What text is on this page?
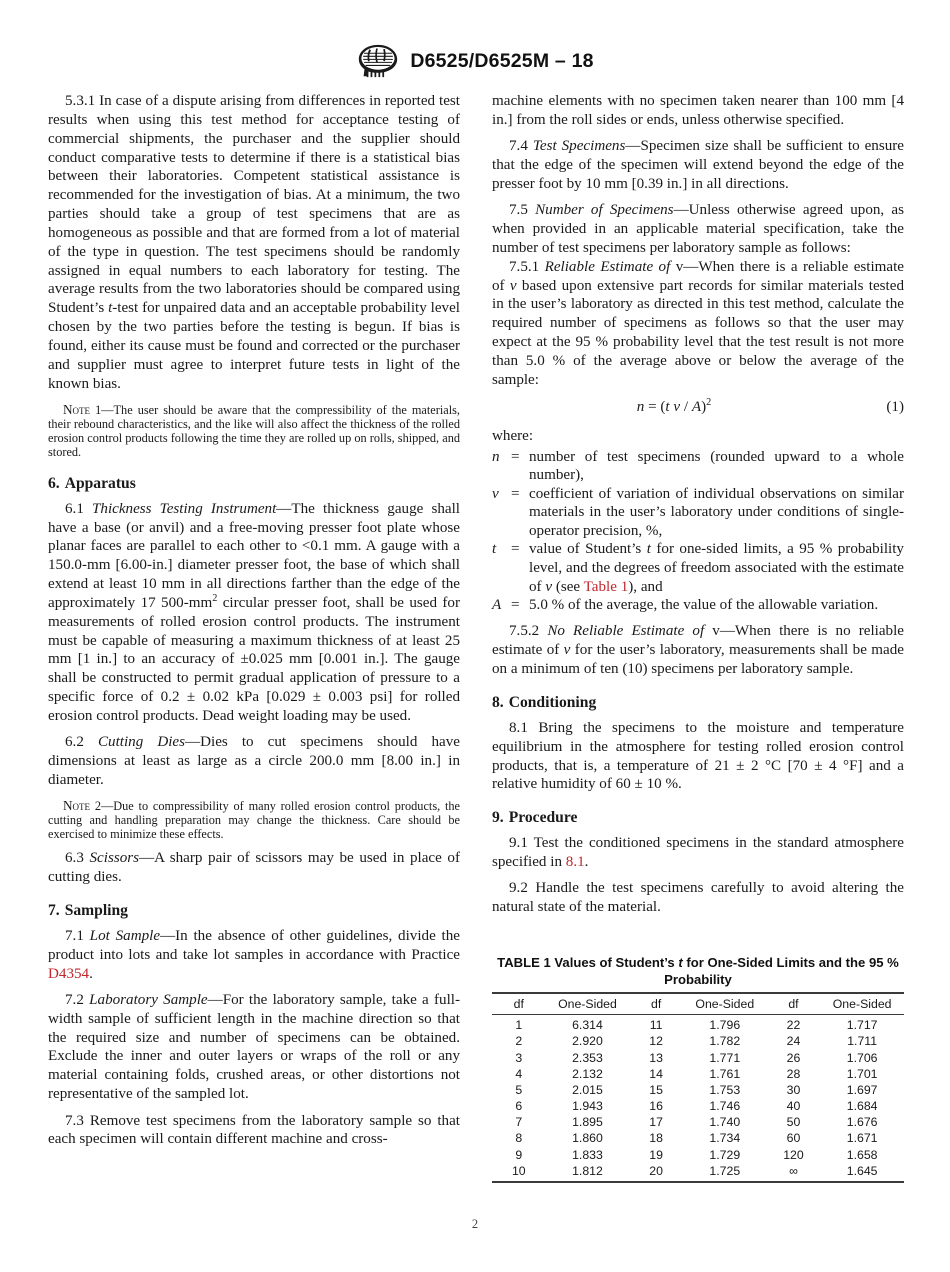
D6525/D6525M – 18

5.3.1 In case of a dispute arising from differences in reported test results when using this test method for acceptance testing of commercial shipments, the purchaser and the supplier should conduct comparative tests to determine if there is a statistical bias between their laboratories. Competent statistical assistance is recommended for the investigation of bias. At a minimum, the two parties should take a group of test specimens that are as homogeneous as possible and that are formed from a lot of material of the type in question. The test specimens should be randomly assigned in equal numbers to each laboratory for testing. The average results from the two laboratories should be compared using Student’s t-test for unpaired data and an acceptable probability level chosen by the two parties before the testing is begun. If bias is found, either its cause must be found and corrected or the purchaser and supplier must agree to interpret future tests in light of the known bias.

Note 1—The user should be aware that the compressibility of the materials, their rebound characteristics, and the like will also affect the thickness of the rolled erosion control products following the time they are rolled up on rolls, shipped, and stored.

6. Apparatus

6.1 Thickness Testing Instrument—The thickness gauge shall have a base (or anvil) and a free-moving presser foot plate whose planar faces are parallel to each other to <0.1 mm. A gauge with a 150.0-mm [6.00-in.] diameter presser foot, the base of which shall extend at least 10 mm in all directions farther than the edge of the approximately 17 $500-mm^2$ circular presser foot, shall be used for measurements of rolled erosion control products. The instrument must be capable of measuring a maximum thickness of at least 25 mm [1 in.] to an accuracy of ±0.025 mm [0.001 in.]. The gauge shall be constructed to permit gradual application of pressure to a specific force of 0.2 ± 0.02 kPa [0.029 ± 0.003 psi] for rolled erosion control products. Dead weight loading may be used.

6.2 Cutting Dies—Dies to cut specimens should have dimensions at least as large as a circle 200.0 mm [8.00 in.] in diameter.

Note 2—Due to compressibility of many rolled erosion control products, the cutting and handling preparation may change the thickness. Care should be exercised to minimize these effects.

6.3 Scissors—A sharp pair of scissors may be used in place of cutting dies.

7. Sampling

7.1 Lot Sample—In the absence of other guidelines, divide the product into lots and take lot samples in accordance with Practice D4354.

7.2 Laboratory Sample—For the laboratory sample, take a full-width sample of sufficient length in the machine direction so that the required size and number of specimens can be obtained. Exclude the inner and outer layers or wraps of the roll or any material containing folds, crushed areas, or other distortions not representative of the sampled lot.

7.3 Remove test specimens from the laboratory sample so that each specimen will contain different machine and cross-

machine elements with no specimen taken nearer than 100 mm [4 in.] from the roll sides or ends, unless otherwise specified.

7.4 Test Specimens—Specimen size shall be sufficient to ensure that the edge of the specimen will extend beyond the edge of the presser foot by 10 mm [0.39 in.] in all directions.

7.5 Number of Specimens—Unless otherwise agreed upon, as when provided in an applicable material specification, take the number of test specimens per laboratory sample as follows:

7.5.1 Reliable Estimate of v—When there is a reliable estimate of v based upon extensive part records for similar materials tested in the user’s laboratory as directed in this test method, calculate the required number of specimens as follows so that the user may expect at the 95 % probability level that the test result is not more than 5.0 % of the average above or below the average of the sample:

n = (t v / A)$^2$	(1)
where:
n = number of test specimens (rounded upward to a whole number),
v = coefficient of variation of individual observations on similar materials in the user’s laboratory under conditions of single-operator precision, %,
t = value of Student’s t for one-sided limits, a 95 % probability level, and the degrees of freedom associated with the estimate of v (see Table 1), and
A = 5.0 % of the average, the value of the allowable variation.

7.5.2 No Reliable Estimate of v—When there is no reliable estimate of v for the user’s laboratory, measurements shall be made on a minimum of ten (10) specimens per laboratory sample.

8. Conditioning

8.1 Bring the specimens to the moisture and temperature equilibrium in the atmosphere for testing rolled erosion control products, that is, a temperature of 21 ± 2 °C [70 ± 4 °F] and a relative humidity of 60 ± 10 %.

9. Procedure

9.1 Test the conditioned specimens in the standard atmosphere specified in 8.1.

9.2 Handle the test specimens carefully to avoid altering the natural state of the material.

TABLE 1 Values of Student’s t for One-Sided Limits and the 95 % Probability
df	One-Sided	df	One-Sided	df	One-Sided
1	6.314	11	1.796	22	1.717
2	2.920	12	1.782	24	1.711
3	2.353	13	1.771	26	1.706
4	2.132	14	1.761	28	1.701
5	2.015	15	1.753	30	1.697
6	1.943	16	1.746	40	1.684
7	1.895	17	1.740	50	1.676
8	1.860	18	1.734	60	1.671
9	1.833	19	1.729	120	1.658
10	1.812	20	1.725	∞	1.645
2
